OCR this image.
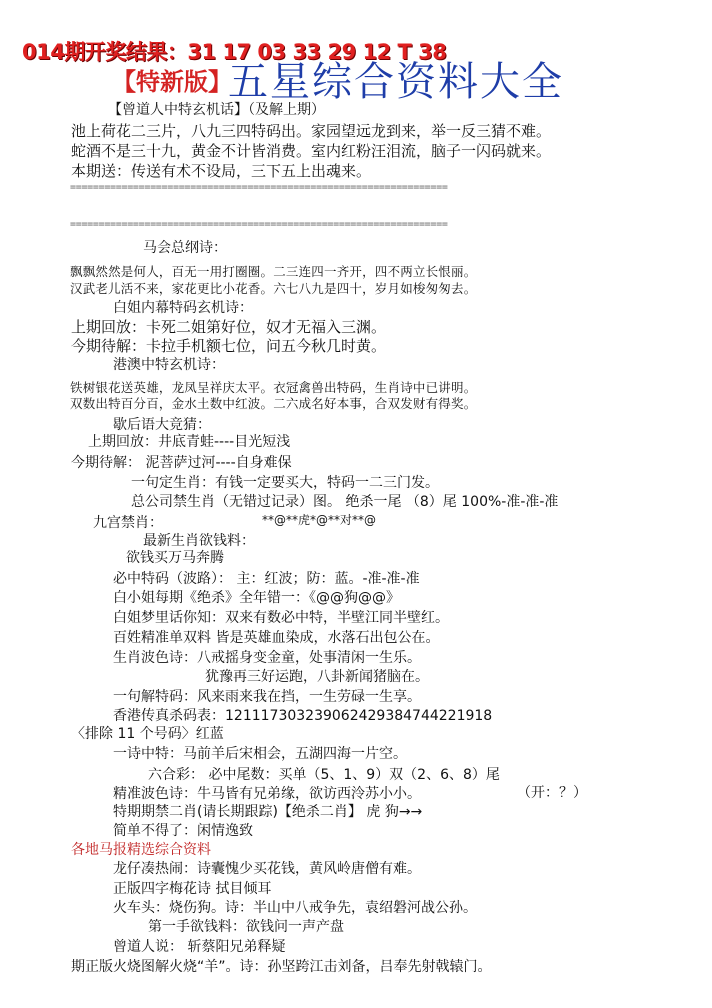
014期开奖结果：31 17 03 33 29 12 T 38
【特新版】
五星综合资料大全
【曾道人中特玄机话】（及解上期）
池上荷花二三片，八九三四特码出。家园望远龙到来，举一反三猜不难。
蛇酒不是三十九，黄金不计皆消费。室内红粉汪泪流，脑子一闪码就来。
本期送：传送有术不设局，三下五上出魂来。
==================================================================
==================================================================
马会总纲诗：
飘飘然然是何人，百无一用打圈圈。二三连四一齐开，四不两立长恨丽。
汉武老儿活不来，家花更比小花香。六七八九是四十，岁月如梭匆匆去。
白姐内幕特码玄机诗：
上期回放：卡死二姐第好位，奴才无福入三渊。
今期待解：卡拉手机额七位，问五今秋几时黄。
港澳中特玄机诗：
铁树银花送英雄，龙凤呈祥庆太平。衣冠禽兽出特码，生肖诗中已讲明。
双数出特百分百，金水土数中红波。二六成名好本事，合双发财有得奖。
歇后语大竞猜：
上期回放：井底青蛙----目光短浅
今期待解： 泥菩萨过河----自身难保
一句定生肖：有钱一定要买大，特码一二三门发。
总公司禁生肖（无错过记录）图。 绝杀一尾 （8）尾 100%-准-准-准
九宫禁肖：	**@**虎*@**对**@
最新生肖欲钱料：
欲钱买万马奔腾
必中特码（波路）： 主：红波；防：蓝。-准-准-准
白小姐每期《绝杀》全年错一：《@@狗@@》
白姐梦里话你知：双来有数必中特，半壁江同半壁红。
百姓精准单双料 皆是英雄血染成，水落石出包公在。
生肖波色诗：八戒摇身变金童，处事清闲一生乐。
犹豫再三好运跑，八卦新闻猪脑在。
一句解特码：风来雨来我在挡，一生劳碌一生享。
香港传真杀码表：121117303239062429384744221918
〈排除 11 个号码〉红蓝
一诗中特：马前羊后宋相会，五湖四海一片空。
六合彩： 必中尾数：买单（5、1、9）双（2、6、8）尾
精准波色诗：牛马皆有兄弟缘，欲访西泠苏小小。	（开：？）
特期期禁二肖(请长期跟踪)【绝杀二肖】 虎 狗→→
简单不得了：闲情逸致
各地马报精选综合资料
龙仔凑热闹：诗囊愧少买花钱，黄风岭唐僧有难。
正版四字梅花诗 拭目倾耳
火车头：烧伤狗。诗：半山中八戒争先，袁绍磐河战公孙。
第一手欲钱料：欲钱问一声产盘
曾道人说： 斩蔡阳兄弟释疑
期正版火烧图解火烧“羊”。诗：孙坚跨江击刘备，吕奉先射戟辕门。
